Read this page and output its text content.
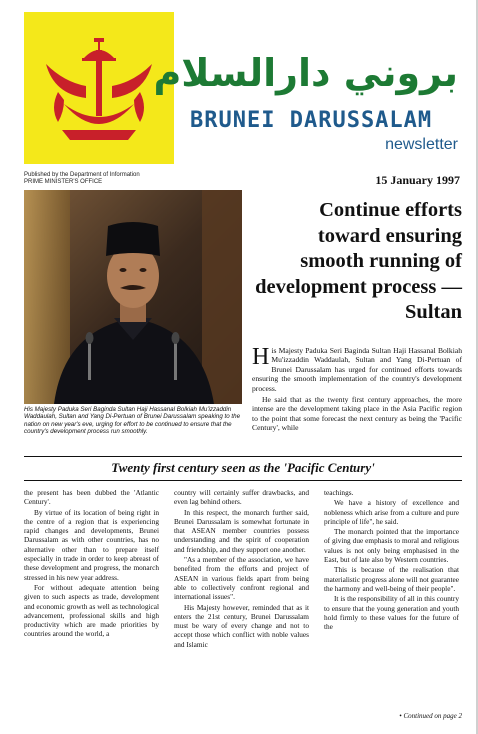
بروني دارالسلام
BRUNEI DARUSSALAM
newsletter
Published by the Department of Information
PRIME MINISTER'S OFFICE	15 January 1997
His Majesty Paduka Seri Baginda Sultan Haji Hassanal Bolkiah Mu'izzaddin Waddaulah, Sultan and Yang Di-Pertuan of Brunei Darussalam speaking to the nation on new year's eve, urging for effort to be continued to ensure that the country's development process run smoothly.
Continue efforts toward ensuring smooth running of development process — Sultan

His Majesty Paduka Seri Baginda Sultan Haji Hassanal Bolkiah Mu'izzaddin Waddaulah, Sultan and Yang Di-Pertuan of Brunei Darussalam has urged for continued efforts towards ensuring the smooth implementation of the country's development process.

He said that as the twenty first century approaches, the more intense are the development taking place in the Asia Pacific region to the point that some forecast the next century as being the 'Pacific Century', while

Twenty first century seen as the 'Pacific Century'

the present has been dubbed the 'Atlantic Century'.

By virtue of its location of being right in the centre of a region that is experiencing rapid changes and developments, Brunei Darussalam as with other countries, has no alternative other than to prepare itself especially in trade in order to keep abreast of these development and progress, the monarch stressed in his new year address.

For without adequate attention being given to such aspects as trade, development and economic growth as well as technological advancement, professional skills and high productivity which are made priorities by countries around the world, a

country will certainly suffer drawbacks, and even lag behind others.

In this respect, the monarch further said, Brunei Darussalam is somewhat fortunate in that ASEAN member countries possess understanding and the spirit of cooperation and friendship, and they support one another.

"As a member of the association, we have benefited from the efforts and project of ASEAN in various fields apart from being able to collectively confront regional and international issues".

His Majesty however, reminded that as it enters the 21st century, Brunei Darussalam must be wary of every change and not to accept those which conflict with noble values and Islamic

teachings.

We have a history of excellence and nobleness which arise from a culture and pure principle of life", he said.

The monarch pointed that the importance of giving due emphasis to moral and religious values is not only being emphasised in the East, but of late also by Western countries.

This is because of the realisation that materialistic progress alone will not guarantee the harmony and well-being of their people".

It is the responsibility of all in this country to ensure that the young generation and youth hold firmly to these values for the future of the

• Continued on page 2
